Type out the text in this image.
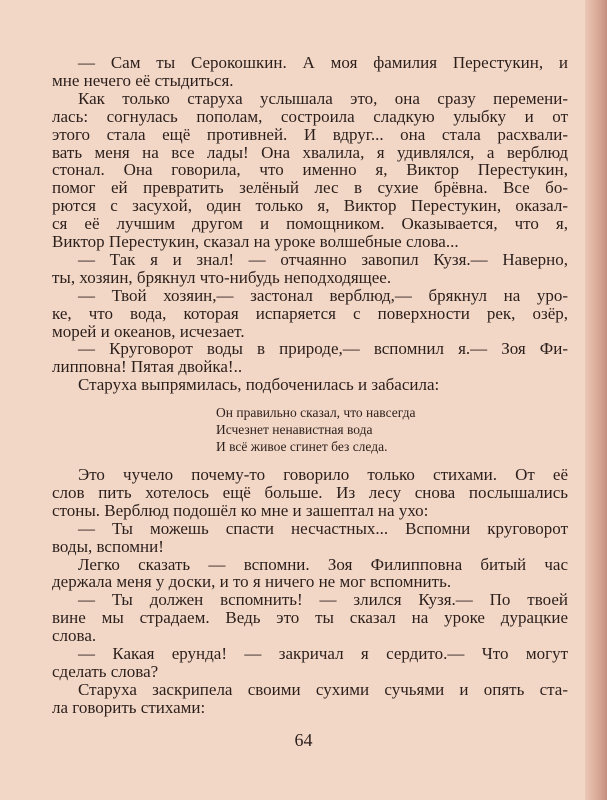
64
— Сам ты Серокошкин. А моя фамилия Перестукин, и
мне нечего её стыдиться.
Как только старуха услышала это, она сразу перемени-
лась: согнулась пополам, состроила сладкую улыбку и от
этого стала ещё противней. И вдруг... она стала расхвали-
вать меня на все лады! Она хвалила, я удивлялся, а верблюд
стонал. Она говорила, что именно я, Виктор Перестукин,
помог ей превратить зелёный лес в сухие брёвна. Все бо-
рются с засухой, один только я, Виктор Перестукин, оказал-
ся её лучшим другом и помощником. Оказывается, что я,
Виктор Перестукин, сказал на уроке волшебные слова...
— Так я и знал! — отчаянно завопил Кузя.— Наверно,
ты, хозяин, брякнул что-нибудь неподходящее.
— Твой хозяин,— застонал верблюд,— брякнул на уро-
ке, что вода, которая испаряется с поверхности рек, озёр,
морей и океанов, исчезает.
— Круговорот воды в природе,— вспомнил я.— Зоя Фи-
липповна! Пятая двойка!..
Старуха выпрямилась, подбоченилась и забасила:
Это чучело почему-то говорило только стихами. От её
слов пить хотелось ещё больше. Из лесу снова послышались
стоны. Верблюд подошёл ко мне и зашептал на ухо:
— Ты можешь спасти несчастных... Вспомни круговорот
воды, вспомни!
Легко сказать — вспомни. Зоя Филипповна битый час
держала меня у доски, и то я ничего не мог вспомнить.
— Ты должен вспомнить! — злился Кузя.— По твоей
вине мы страдаем. Ведь это ты сказал на уроке дурацкие
слова.
— Какая ерунда! — закричал я сердито.— Что могут
сделать слова?
Старуха заскрипела своими сухими сучьями и опять ста-
ла говорить стихами:
Он правильно сказал, что навсегда
Исчезнет ненавистная вода
И всё живое сгинет без следа.
